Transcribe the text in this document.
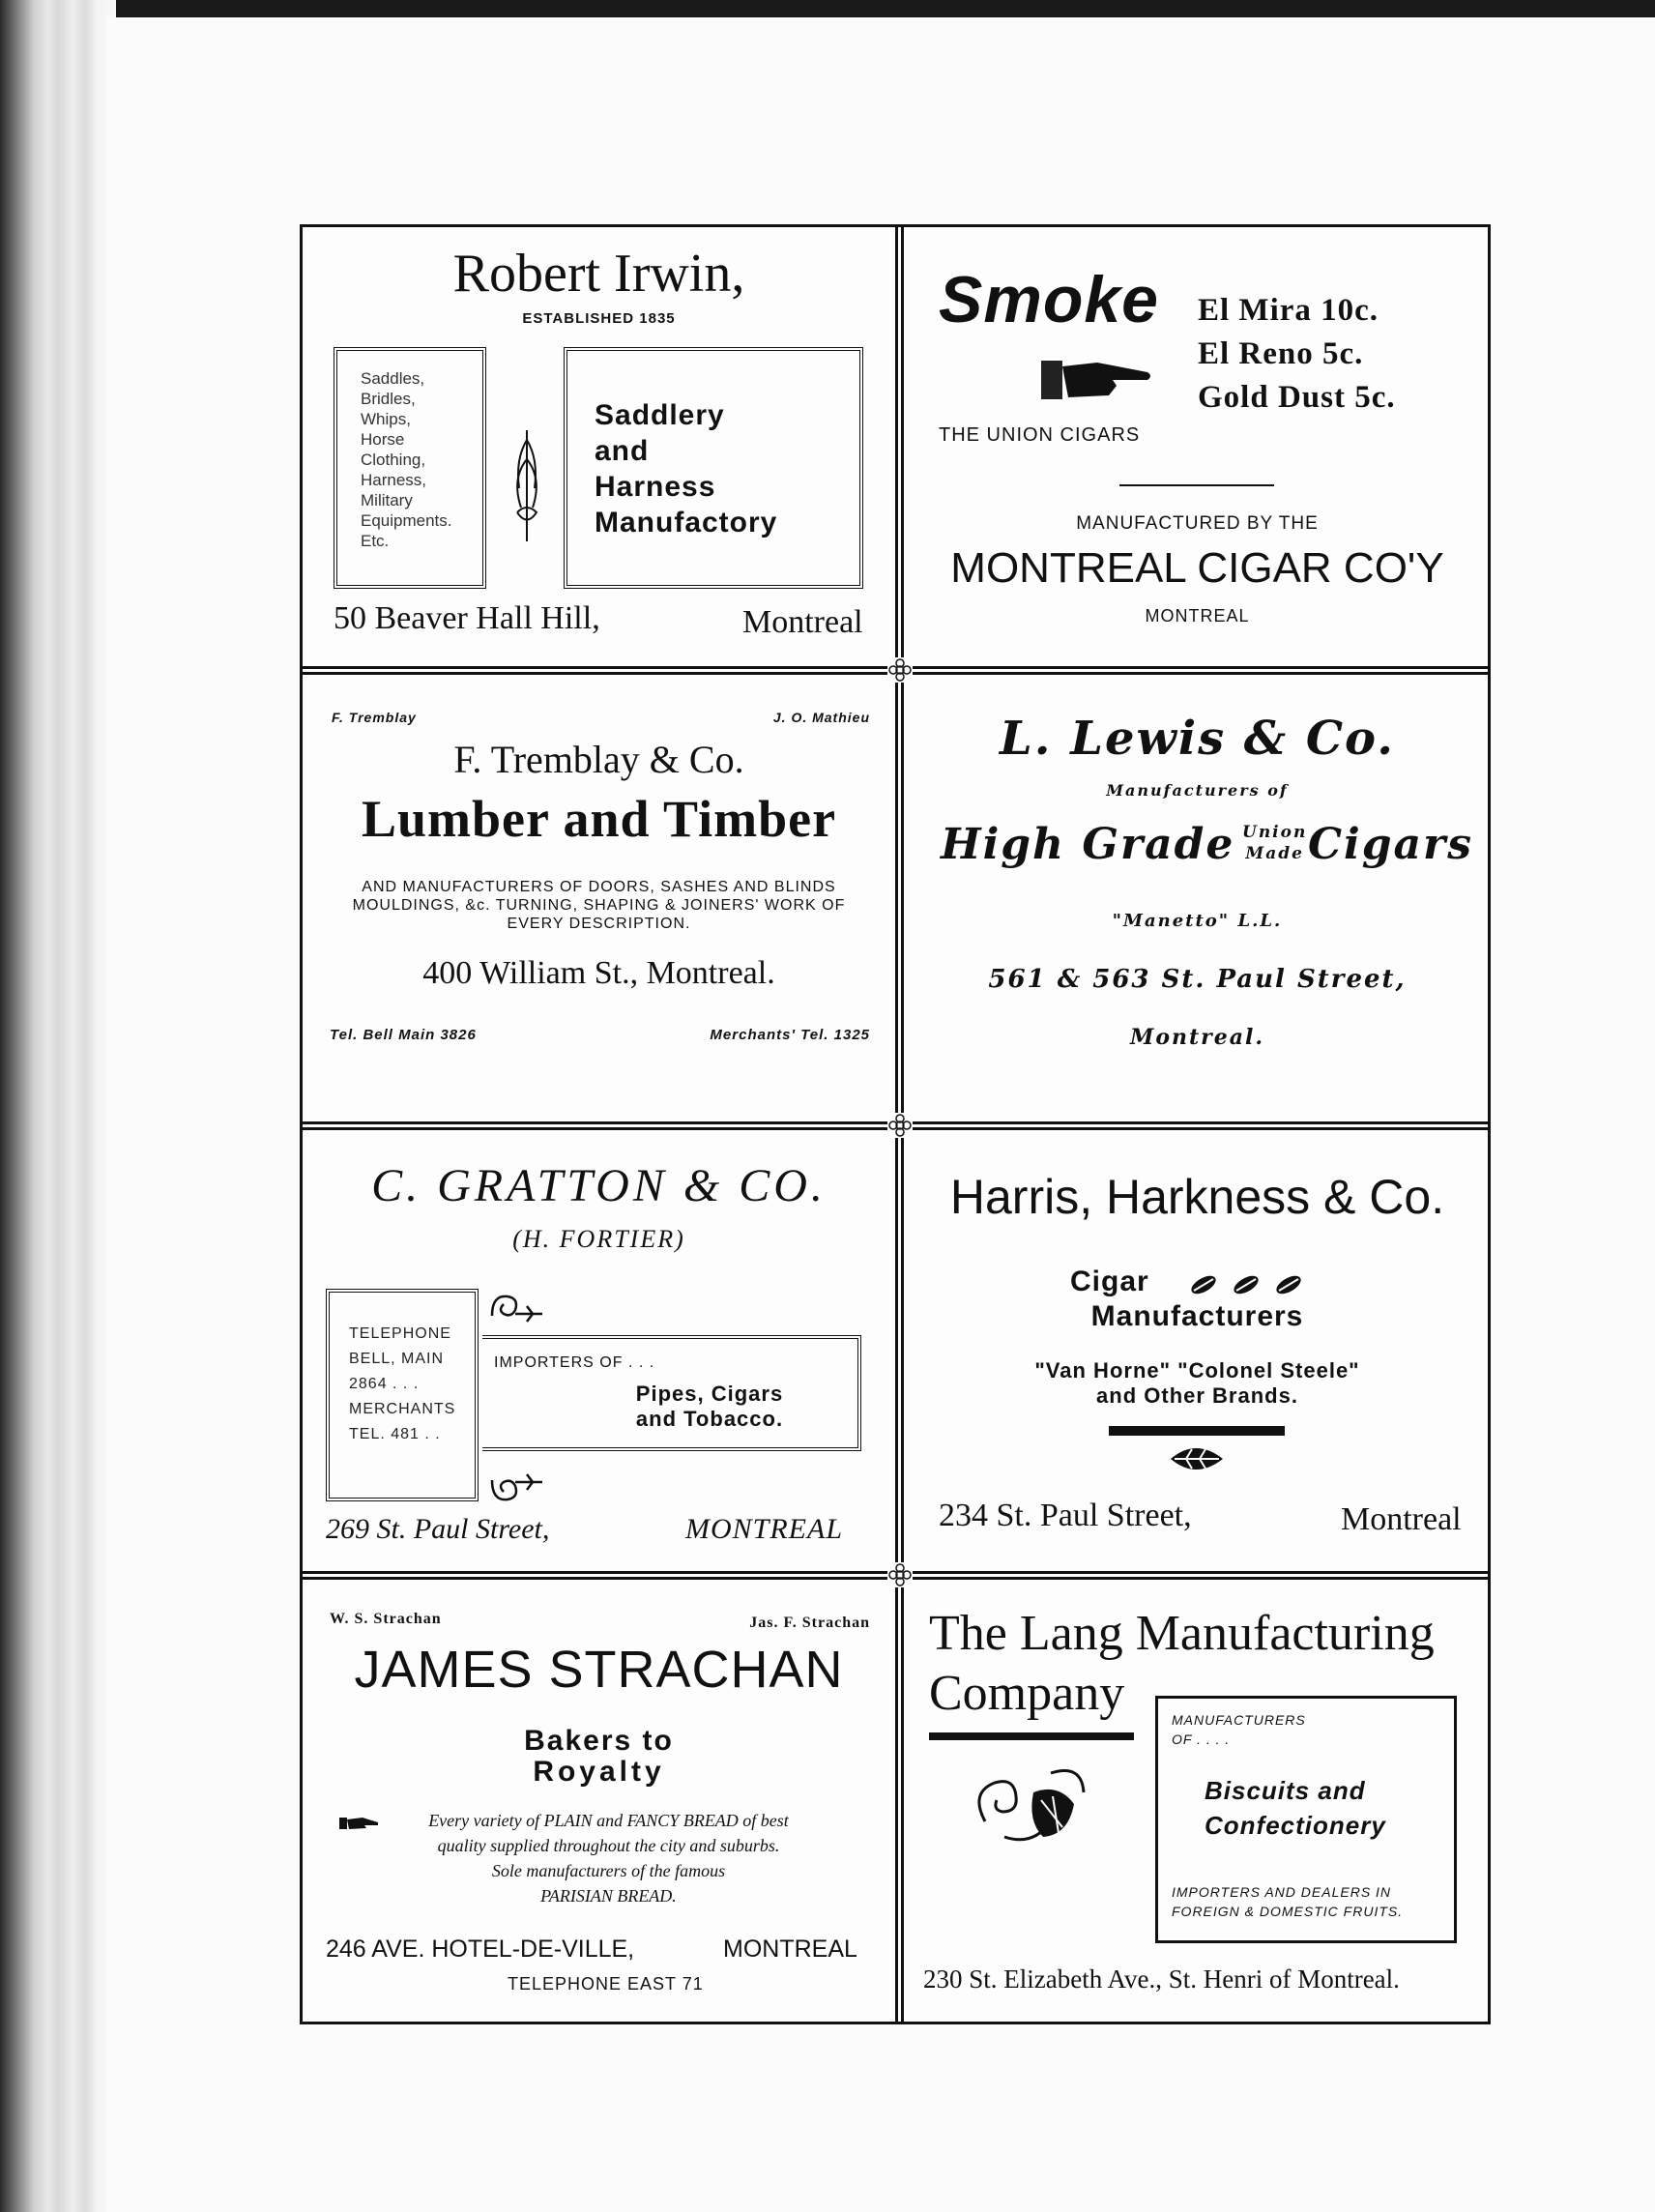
Robert Irwin,
ESTABLISHED 1835
Saddles,
Bridles,
Whips,
Horse
Clothing,
Harness,
Military
Equipments.
Etc.
Saddlery
and
Harness
Manufactory
50 Beaver Hall Hill,	Montreal
Smoke El Mira 10c.
El Reno 5c.
Gold Dust 5c.
THE UNION CIGARS
MANUFACTURED BY THE
MONTREAL CIGAR CO'Y
MONTREAL
F. Tremblay	J. O. Mathieu
F. Tremblay & Co.
Lumber and Timber
AND MANUFACTURERS OF DOORS, SASHES AND BLINDS
MOULDINGS, &c. TURNING, SHAPING & JOINERS' WORK OF
EVERY DESCRIPTION.
400 William St., Montreal.
Tel. Bell Main 3826	Merchants' Tel. 1325
L. Lewis & Co.
Manufacturers of
High Grade Union
Made Cigars
"Manetto" L.L.
561 & 563 St. Paul Street,
Montreal.
C. GRATTON & CO.
(H. FORTIER)
TELEPHONE
BELL, MAIN
2864 . . .
MERCHANTS
TEL. 481 . .
IMPORTERS OF . . .
Pipes, Cigars
and Tobacco.
269 St. Paul Street,	MONTREAL
Harris, Harkness & Co.
Cigar
Manufacturers
"Van Horne" "Colonel Steele"
and Other Brands.
234 St. Paul Street,	Montreal
W. S. Strachan	Jas. F. Strachan
JAMES STRACHAN
Bakers to
Royalty
Every variety of PLAIN and FANCY BREAD of best
quality supplied throughout the city and suburbs.
Sole manufacturers of the famous
PARISIAN BREAD.
246 AVE. HOTEL-DE-VILLE,	MONTREAL
TELEPHONE EAST 71
The Lang Manufacturing
Company	MANUFACTURERS
OF . . . .
Biscuits and
Confectionery
IMPORTERS AND DEALERS IN
FOREIGN & DOMESTIC FRUITS.
230 St. Elizabeth Ave., St. Henri of Montreal.
